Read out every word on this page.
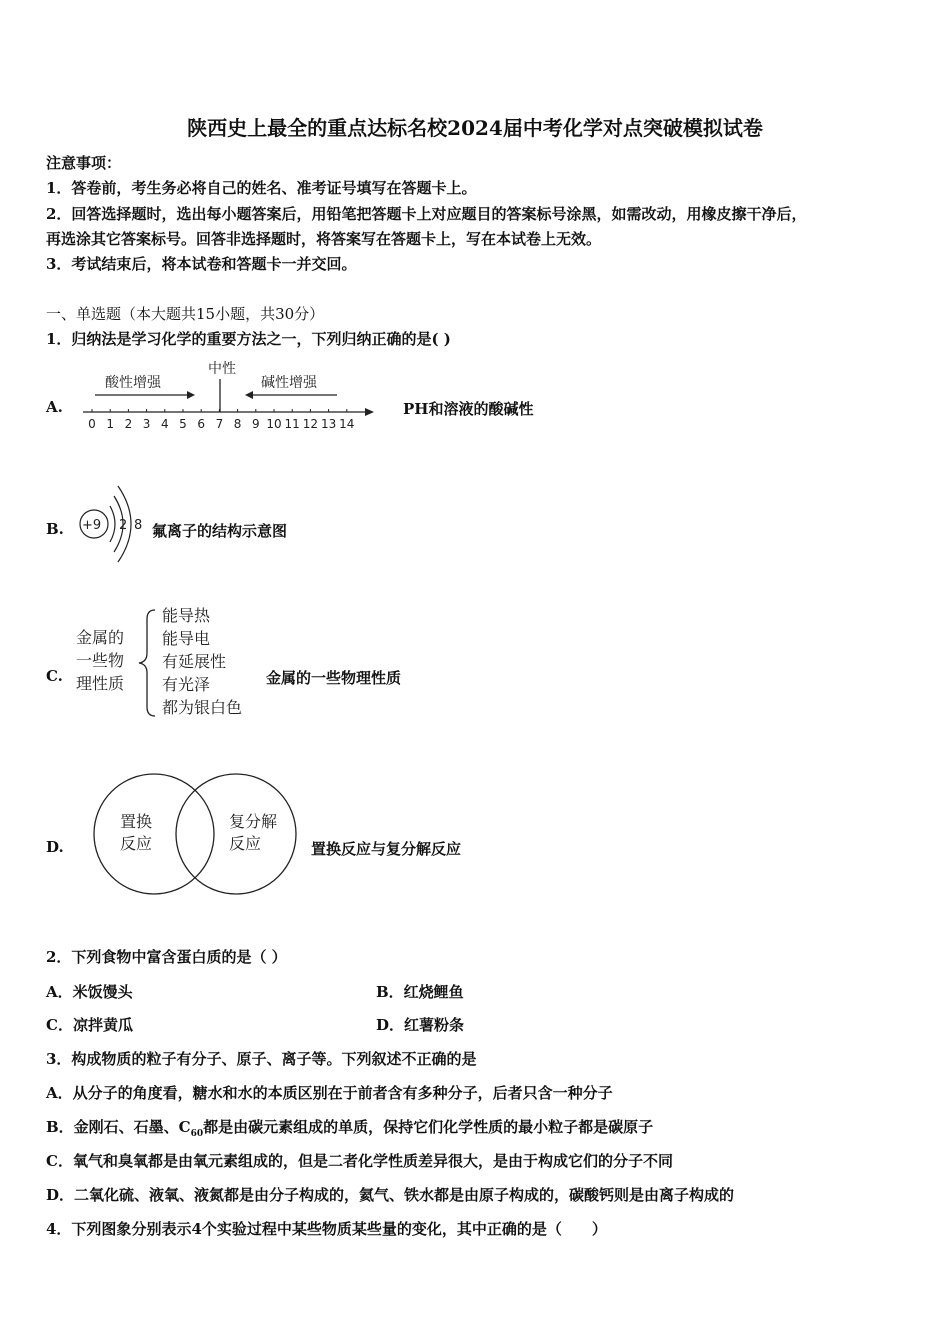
陕西史上最全的重点达标名校2024届中考化学对点突破模拟试卷
注意事项：
1．答卷前，考生务必将自己的姓名、准考证号填写在答题卡上。
2．回答选择题时，选出每小题答案后，用铅笔把答题卡上对应题目的答案标号涂黑，如需改动，用橡皮擦干净后，
再选涂其它答案标号。回答非选择题时，将答案写在答题卡上，写在本试卷上无效。
3．考试结束后，将本试卷和答题卡一并交回。
一、单选题（本大题共15小题，共30分）
1．归纳法是学习化学的重要方法之一，下列归纳正确的是( )
A.
酸性增强
中性
碱性增强
0 1 2 3 4 5 6 7 8 9 10 11 12 13 14
PH和溶液的酸碱性
B. +9 2 8 氟离子的结构示意图
C.
金属的
一些物
理性质
能导热
能导电
有延展性
有光泽
都为银白色
金属的一些物理性质
D.
置换
反应
复分解
反应	置换反应与复分解反应
2．下列食物中富含蛋白质的是（ ）
A．米饭馒头	B．红烧鲤鱼
C．凉拌黄瓜	D．红薯粉条
3．构成物质的粒子有分子、原子、离子等。下列叙述不正确的是
A．从分子的角度看，糖水和水的本质区别在于前者含有多种分子，后者只含一种分子
B．金刚石、石墨、$C_{60}$都是由碳元素组成的单质，保持它们化学性质的最小粒子都是碳原子
C．氧气和臭氧都是由氧元素组成的，但是二者化学性质差异很大，是由于构成它们的分子不同
D．二氧化硫、液氧、液氮都是由分子构成的，氦气、铁水都是由原子构成的，碳酸钙则是由离子构成的
4．下列图象分别表示4个实验过程中某些物质某些量的变化，其中正确的是（　　）
